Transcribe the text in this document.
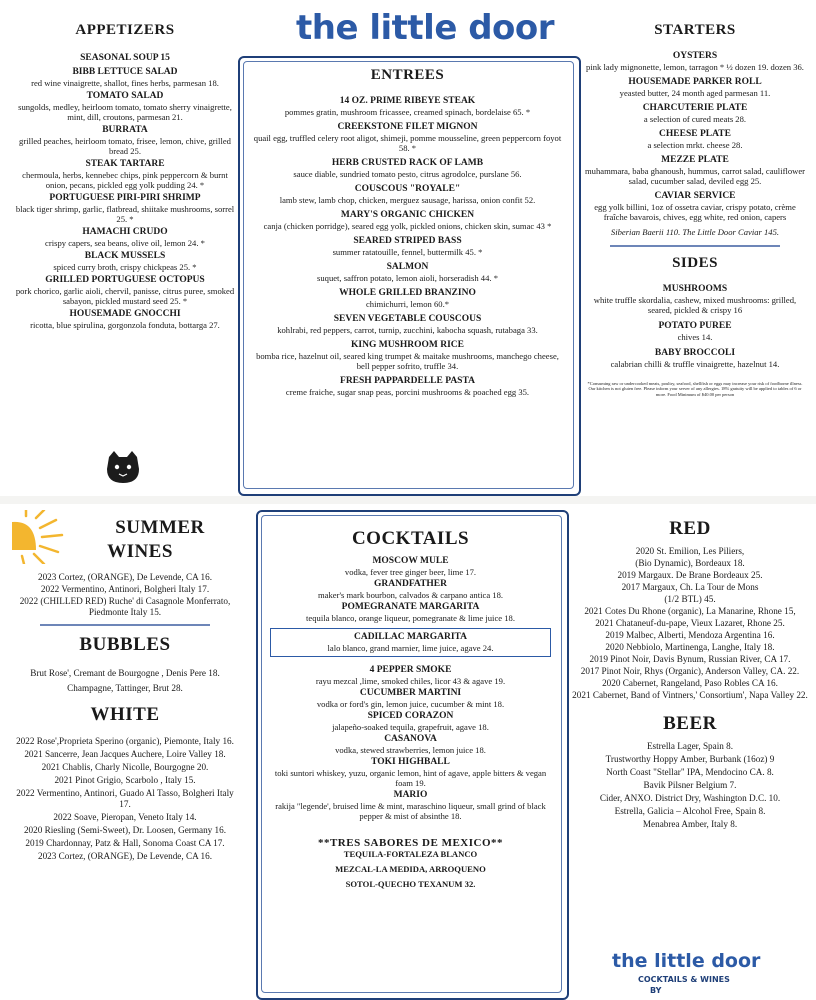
APPETIZERS
SEASONAL SOUP 15
BIBB LETTUCE SALAD
red wine vinaigrette, shallot, fines herbs, parmesan 18.
TOMATO SALAD
sungolds, medley, heirloom tomato, tomato sherry vinaigrette, mint, dill, croutons, parmesan 21.
BURRATA
grilled peaches, heirloom tomato, frisee, lemon, chive, grilled bread 25.
STEAK TARTARE
chermoula, herbs, kennebec chips, pink peppercorn & burnt onion, pecans, pickled egg yolk pudding 24. *
PORTUGUESE PIRI-PIRI SHRIMP
black tiger shrimp, garlic, flatbread, shiitake mushrooms, sorrel 25. *
HAMACHI CRUDO
crispy capers, sea beans, olive oil, lemon 24. *
BLACK MUSSELS
spiced curry broth, crispy chickpeas 25. *
GRILLED PORTUGUESE OCTOPUS
pork chorico, garlic aioli, chervil, panisse, citrus puree, smoked sabayon, pickled mustard seed 25. *
HOUSEMADE GNOCCHI
ricotta, blue spirulina, gorgonzola fonduta, bottarga 27.
the little door
ENTREES
14 OZ. PRIME RIBEYE STEAK
pommes gratin, mushroom fricassee, creamed spinach, bordelaise 65. *
CREEKSTONE FILET MIGNON
quail egg, truffled celery root aligot, shimeji, pomme mousseline, green peppercorn foyot 58. *
HERB CRUSTED RACK OF LAMB
sauce diable, sundried tomato pesto, citrus agrodolce, purslane 56.
COUSCOUS "ROYALE"
lamb stew, lamb chop, chicken, merguez sausage, harissa, onion confit 52.
MARY'S ORGANIC CHICKEN
canja (chicken porridge), seared egg yolk, pickled onions, chicken skin, sumac 43 *
SEARED STRIPED BASS
summer ratatouille, fennel, buttermilk 45. *
SALMON
suquet, saffron potato, lemon aioli, horseradish 44. *
WHOLE GRILLED BRANZINO
chimichurri, lemon 60.*
SEVEN VEGETABLE COUSCOUS
kohlrabi, red peppers, carrot, turnip, zucchini, kabocha squash, rutabaga 33.
KING MUSHROOM RICE
bomba rice, hazelnut oil, seared king trumpet & maitake mushrooms, manchego cheese, bell pepper sofrito, truffle 34.
FRESH PAPPARDELLE PASTA
creme fraiche, sugar snap peas, porcini mushrooms & poached egg 35.
STARTERS
OYSTERS
pink lady mignonette, lemon, tarragon * ½ dozen 19. dozen 36.
HOUSEMADE PARKER ROLL
yeasted butter, 24 month aged parmesan 11.
CHARCUTERIE PLATE
a selection of cured meats 28.
CHEESE PLATE
a selection mrkt. cheese 28.
MEZZE PLATE
muhammara, baba ghanoush, hummus, carrot salad, cauliflower salad, cucumber salad, deviled egg 25.
CAVIAR SERVICE
egg yolk billini, 1oz of ossetra caviar, crispy potato, crème fraîche bavarois, chives, egg white, red onion, capers
Siberian Baerii 110. The Little Door Caviar 145.
SIDES
MUSHROOMS
white truffle skordalia, cashew, mixed mushrooms: grilled, seared, pickled & crispy 16
POTATO PUREE
chives 14.
BABY BROCCOLI
calabrian chilli & truffle vinaigrette, hazelnut 14.
*Consuming raw or undercooked meats, poultry, seafood, shellfish or eggs may increase your risk of foodborne illness. Our kitchen is not gluten free. Please inform your server of any allergies. 18% gratuity will be applied to tables of 6 or more. Food Minimum of $40.00 per person
SUMMER
WINES
2023 Cortez, (ORANGE), De Levende, CA 16.
2022 Vermentino, Antinori, Bolgheri Italy 17.
2022 (CHILLED RED) Ruche' di Casagnole Monferrato, Piedmonte Italy 15.
BUBBLES
Brut Rose', Cremant de Bourgogne , Denis Pere 18.
Champagne, Tattinger, Brut 28.
WHITE
2022 Rose',Proprieta Sperino (organic), Piemonte, Italy 16.
2021 Sancerre, Jean Jacques Auchere, Loire Valley 18.
2021 Chablis, Charly Nicolle, Bourgogne 20.
2021 Pinot Grigio, Scarbolo , Italy 15.
2022 Vermentino, Antinori, Guado Al Tasso, Bolgheri Italy 17.
2022 Soave, Pieropan, Veneto Italy 14.
2020 Riesling (Semi-Sweet), Dr. Loosen, Germany 16.
2019 Chardonnay, Patz & Hall, Sonoma Coast CA 17.
2023 Cortez, (ORANGE), De Levende, CA 16.
COCKTAILS
MOSCOW MULE
vodka, fever tree ginger beer, lime 17.
GRANDFATHER
maker's mark bourbon, calvados & carpano antica 18.
POMEGRANATE MARGARITA
tequila blanco, orange liqueur, pomegranate & lime juice 18.
CADILLAC MARGARITA
lalo blanco, grand marnier, lime juice, agave 24.
4 PEPPER SMOKE
rayu mezcal ,lime, smoked chiles, licor 43 & agave 19.
CUCUMBER MARTINI
vodka or ford's gin, lemon juice, cucumber & mint 18.
SPICED CORAZON
jalapeño-soaked tequila, grapefruit, agave 18.
CASANOVA
vodka, stewed strawberries, lemon juice 18.
TOKI HIGHBALL
toki suntori whiskey, yuzu, organic lemon, hint of agave, apple bitters & vegan foam 19.
MARIO
rakija "legende', bruised lime & mint, maraschino liqueur, small grind of black pepper & mist of absinthe 18.
**TRES SABORES DE MEXICO**
TEQUILA-FORTALEZA BLANCO
MEZCAL-LA MEDIDA, ARROQUENO
SOTOL-QUECHO TEXANUM 32.
RED
2020 St. Emilion, Les Piliers,
(Bio Dynamic), Bordeaux 18.
2019 Margaux. De Brane Bordeaux 25.
2017 Margaux, Ch. La Tour de Mons
(1/2 BTL) 45.
2021 Cotes Du Rhone (organic), La Manarine, Rhone 15,
2021 Chataneuf-du-pape, Vieux Lazaret, Rhone 25.
2019 Malbec, Alberti, Mendoza Argentina 16.
2020 Nebbiolo, Martinenga, Langhe, Italy 18.
2019 Pinot Noir, Davis Bynum, Russian River, CA 17.
2017 Pinot Noir, Rhys (Organic), Anderson Valley, CA. 22.
2020 Cabernet, Rangeland, Paso Robles CA 16.
2021 Cabernet, Band of Vintners,' Consortium', Napa Valley 22.
BEER
Estrella Lager, Spain 8.
Trustworthy Hoppy Amber, Burbank (16oz) 9
North Coast "Stellar" IPA, Mendocino CA. 8.
Bavik Pilsner Belgium 7.
Cider, ANXO. District Dry, Washington D.C. 10.
Estrella, Galicia – Alcohol Free, Spain 8.
Menabrea Amber, Italy 8.
the little door
COCKTAILS & WINES
BY
